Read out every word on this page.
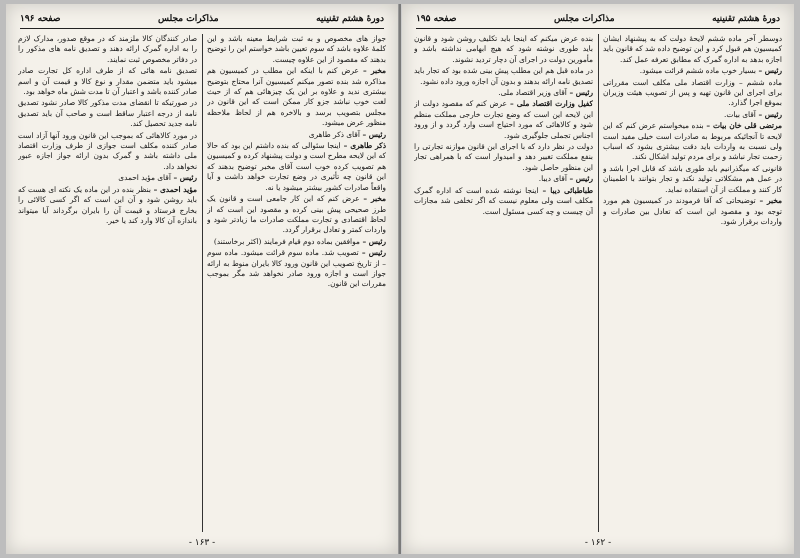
دورهٔ هشتم تقنینیه
مذاکرات مجلس
صفحه ۱۹۶

جواز های مخصوص و به ثبت شرایط معینه باشد و این کلمهٔ علاوه باشد که سوم تعیین باشد خواستم این را توضیح بدهند که مقصود از این علاوه چیست.

مخبر – عرض کنم با اینکه این مطلب در کمیسیون هم مذاکره شد بنده تصور میکنم کمیسیون آنرا محتاج بتوضیح بیشتری ندید و علاوه بر این یک چیزهائی هم که از حیث لغت خوب نباشد جزو کار ممکن است که این قانون در مجلس بتصویب برسد و بالاخره هم از لحاظ ملاحظه منظور عرض میشود.

رئیس – آقای ذکر طاهری

ذکر طاهری – اینجا سئوالی که بنده داشتم این بود که حالا که این لایحه مطرح است و دولت پیشنهاد کرده و کمیسیون هم تصویب کرده خوب است آقای مخبر توضیح بدهند که این قانون چه تأثیری در وضع تجارت خواهد داشت و آیا واقعاً صادرات کشور بیشتر میشود یا نه.

مخبر – عرض کنم که این کار جامعی است و قانون یک طرز صحیحی پیش بینی کرده و مقصود این است که از لحاظ اقتصادی و تجارت مملکت صادرات ما زیادتر شود و واردات کمتر و تعادل برقرار گردد.

رئیس – موافقین بماده دوم قیام فرمایند (اکثر برخاستند)

رئیس – تصویب شد. ماده سوم قرائت میشود. ماده سوم – از تاریخ تصویب این قانون ورود کالا بایران منوط به ارائه جواز است و اجازه ورود صادر نخواهد شد مگر بموجب مقررات این قانون.

صادر کنندگان کالا ملزمند که در موقع صدور، مدارک لازم را به اداره گمرک ارائه دهند و تصدیق نامه های مذکور را در دفاتر مخصوص ثبت نمایند.

تصدیق نامه هائی که از طرف اداره کل تجارت صادر میشود باید متضمن مقدار و نوع کالا و قیمت آن و اسم صادر کننده باشد و اعتبار آن تا مدت شش ماه خواهد بود.

در صورتیکه تا انقضای مدت مذکور کالا صادر نشود تصدیق نامه از درجه اعتبار ساقط است و صاحب آن باید تصدیق نامه جدید تحصیل کند.

در مورد کالاهائی که بموجب این قانون ورود آنها آزاد است صادر کننده مکلف است جوازی از طرف وزارت اقتصاد ملی داشته باشد و گمرک بدون ارائه جواز اجازه عبور نخواهد داد.

رئیس – آقای مؤید احمدی

مؤید احمدی – بنظر بنده در این ماده یک نکته ای هست که باید روشن شود و آن این است که اگر کسی کالائی را بخارج فرستاد و قیمت آن را بایران برگرداند آیا میتواند باندازه آن کالا وارد کند یا خیر.

- ۱۶۳ -
دورهٔ هشتم تقنینیه
مذاکرات مجلس
صفحه ۱۹۵

دوسطر آخر ماده ششم لایحهٔ دولت که به پیشنهاد ایشان کمیسیون هم قبول کرد و این توضیح داده شد که قانون باید اجازه بدهد به اداره گمرک که مطابق تعرفه عمل کند.

رئیس – بسیار خوب ماده ششم قرائت میشود.

ماده ششم – وزارت اقتصاد ملی مکلف است مقرراتی برای اجرای این قانون تهیه و پس از تصویب هیئت وزیران بموقع اجرا گذارد.

رئیس – آقای بیات.

مرتضی قلی خان بیات – بنده میخواستم عرض کنم که این لایحه تا آنجائیکه مربوط به صادرات است خیلی مفید است ولی نسبت به واردات باید دقت بیشتری بشود که اسباب زحمت تجار نباشد و برای مردم تولید اشکال نکند.

قانونی که میگذرانیم باید طوری باشد که قابل اجرا باشد و در عمل هم مشکلاتی تولید نکند و تجار بتوانند با اطمینان کار کنند و مملکت از آن استفاده نماید.

مخبر – توضیحاتی که آقا فرمودند در کمیسیون هم مورد توجه بود و مقصود این است که تعادل بین صادرات و واردات برقرار شود.

بنده عرض میکنم که اینجا باید تکلیف روشن شود و قانون باید طوری نوشته شود که هیچ ابهامی نداشته باشد و مأمورین دولت در اجرای آن دچار تردید نشوند.

در ماده قبل هم این مطلب پیش بینی شده بود که تجار باید تصدیق نامه ارائه بدهند و بدون آن اجازه ورود داده نشود.

رئیس – آقای وزیر اقتصاد ملی.

کفیل وزارت اقتصاد ملی – عرض کنم که مقصود دولت از این لایحه این است که وضع تجارت خارجی مملکت منظم شود و کالاهائی که مورد احتیاج است وارد گردد و از ورود اجناس تجملی جلوگیری شود.

دولت در نظر دارد که با اجرای این قانون موازنه تجارتی را بنفع مملکت تغییر دهد و امیدوار است که با همراهی تجار این منظور حاصل شود.

رئیس – آقای دیبا.

طباطبائی دیبا – اینجا نوشته شده است که اداره گمرک مکلف است ولی معلوم نیست که اگر تخلفی شد مجازات آن چیست و چه کسی مسئول است.

- ۱۶۲ -
